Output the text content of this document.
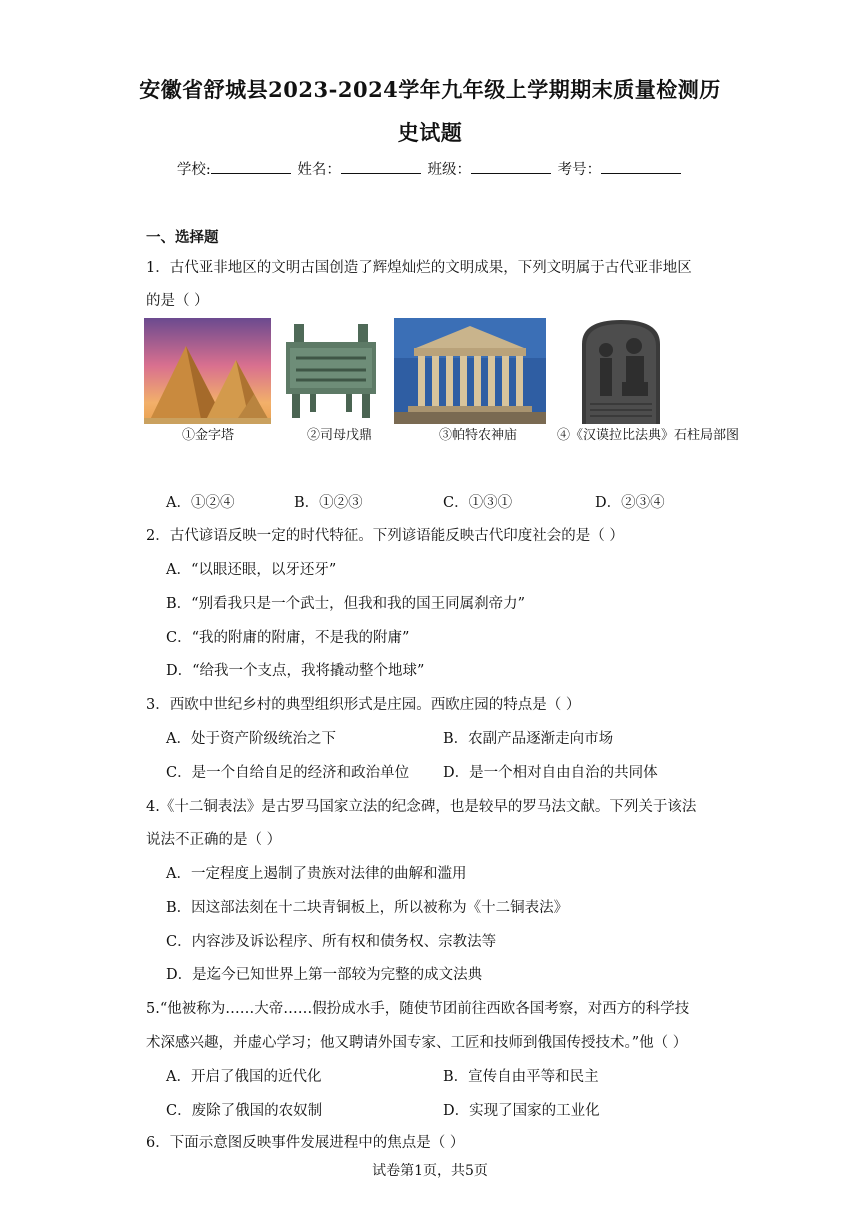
安徽省舒城县2023-2024学年九年级上学期期末质量检测历
史试题
学校:	姓名：	班级：	考号：
一、选择题
1．古代亚非地区的文明古国创造了辉煌灿烂的文明成果，下列文明属于古代亚非地区
的是（ ）
①金字塔	②司母戊鼎	③帕特农神庙	④《汉谟拉比法典》石柱局部图
A．①②④	B．①②③	C．①③①	D．②③④
2．古代谚语反映一定的时代特征。下列谚语能反映古代印度社会的是（ ）
A．“以眼还眼，以牙还牙”
B．“别看我只是一个武士，但我和我的国王同属刹帝力”
C．“我的附庸的附庸，不是我的附庸”
D．“给我一个支点，我将撬动整个地球”
3．西欧中世纪乡村的典型组织形式是庄园。西欧庄园的特点是（ ）
A．处于资产阶级统治之下	B．农副产品逐渐走向市场
C．是一个自给自足的经济和政治单位 D．是一个相对自由自治的共同体
4.《十二铜表法》是古罗马国家立法的纪念碑，也是较早的罗马法文献。下列关于该法
说法不正确的是（ ）
A．一定程度上遏制了贵族对法律的曲解和滥用
B．因这部法刻在十二块青铜板上，所以被称为《十二铜表法》
C．内容涉及诉讼程序、所有权和债务权、宗教法等
D．是迄今已知世界上第一部较为完整的成文法典
5.“他被称为……大帝……假扮成水手，随使节团前往西欧各国考察，对西方的科学技
术深感兴趣，并虚心学习；他又聘请外国专家、工匠和技师到俄国传授技术。”他（ ）
A．开启了俄国的近代化	B．宣传自由平等和民主
C．废除了俄国的农奴制	D．实现了国家的工业化
6．下面示意图反映事件发展进程中的焦点是（ ）
试卷第1页，共5页
